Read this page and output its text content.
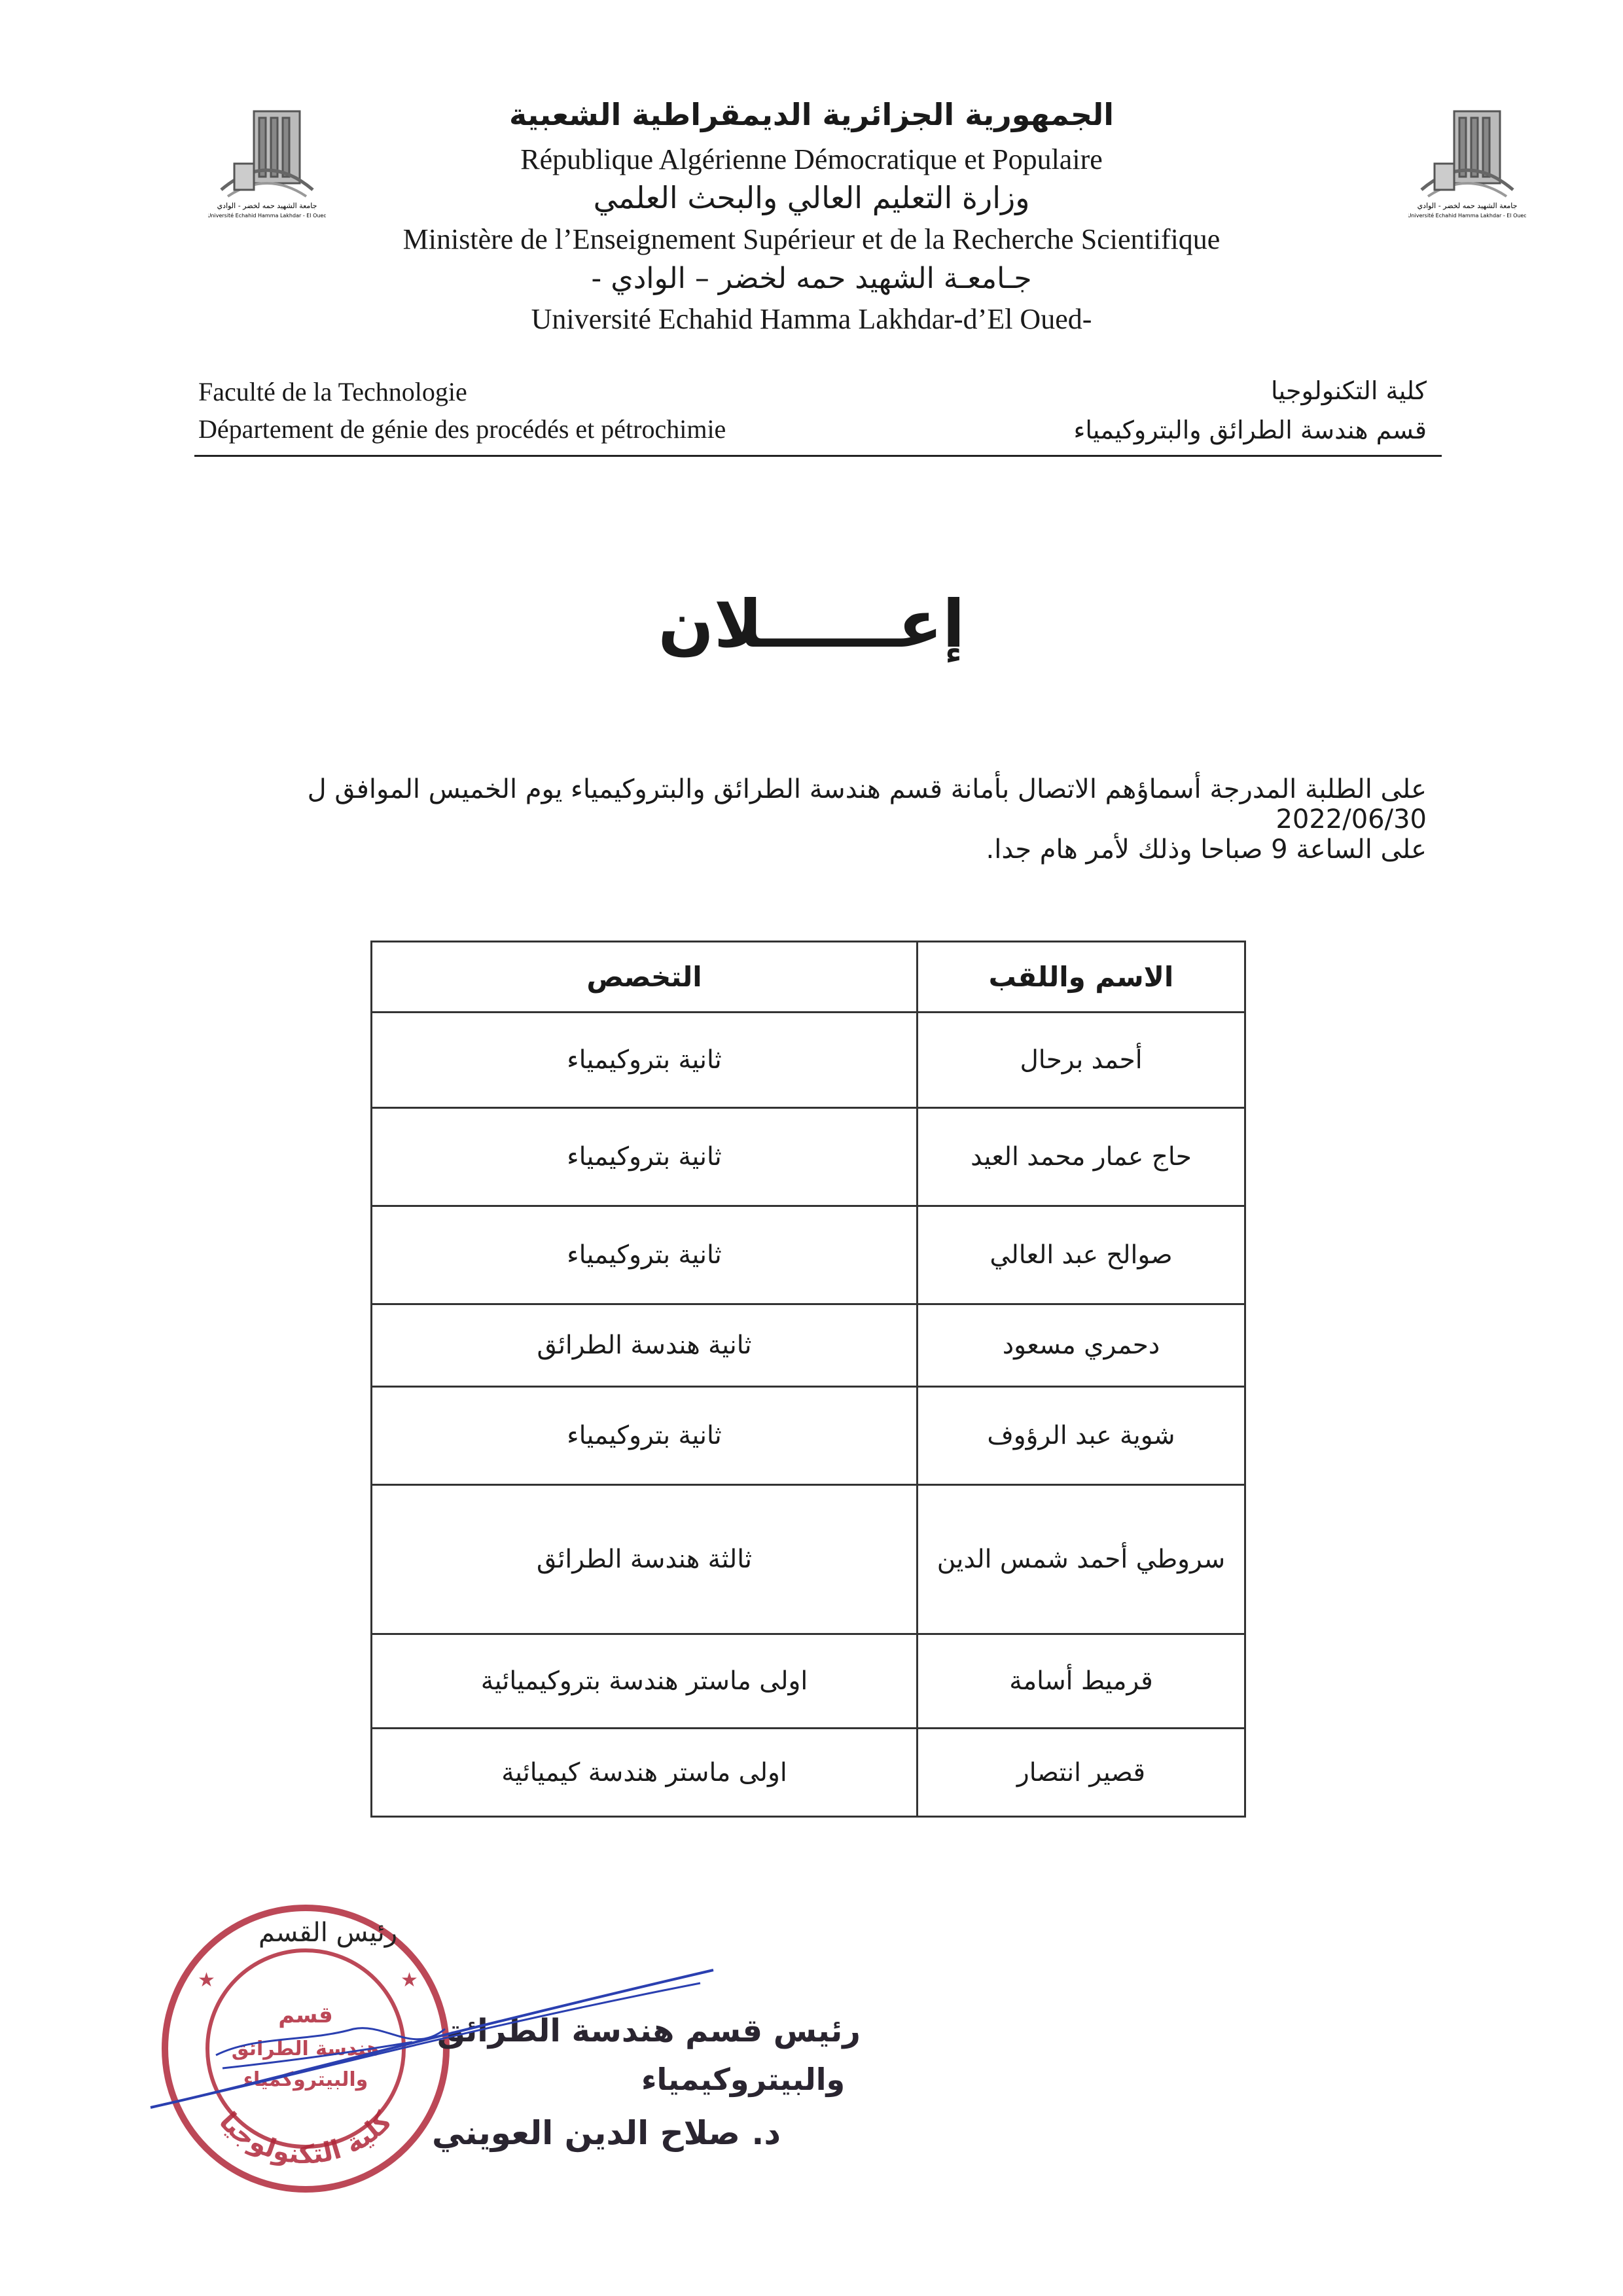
جامعة الشهيد حمه لخضر - الوادي
Université Echahid Hamma Lakhdar - El Oued
جامعة الشهيد حمه لخضر - الوادي
Université Echahid Hamma Lakhdar - El Oued
الجمهورية الجزائرية الديمقراطية الشعبية
République Algérienne Démocratique et Populaire
وزارة التعليم العالي والبحث العلمي
Ministère de l’Enseignement Supérieur et de la Recherche Scientifique
جـامعـة الشهيد حمه لخضر – الوادي -
Université Echahid Hamma Lakhdar-d’El Oued-
Faculté de la Technologie
Département de génie des procédés et pétrochimie
كلية التكنولوجيا
قسم هندسة الطرائق والبتروكيمياء
إعــــــلان
على الطلبة المدرجة أسماؤهم الاتصال بأمانة قسم هندسة الطرائق والبتروكيمياء يوم الخميس الموافق ل 2022/06/30
على الساعة 9 صباحا وذلك لأمر هام جدا.
الاسم واللقب	التخصص
أحمد برحال	ثانية بتروكيمياء
حاج عمار محمد العيد	ثانية بتروكيمياء
صوالح عبد العالي	ثانية بتروكيمياء
دحمري مسعود	ثانية هندسة الطرائق
شوية عبد الرؤوف	ثانية بتروكيمياء
سروطي أحمد شمس الدين	ثالثة هندسة الطرائق
قرميط أسامة	اولى ماستر هندسة بتروكيميائية
قصير انتصار	اولى ماستر هندسة كيميائية
كلية التكنولوجيا
★
★
قسم
هندسة الطرائق
والبيتروكمياء
رئيس القسم
رئيس قسم هندسة الطرائق
والبيتروكيمياء
د. صلاح الدين العويني
